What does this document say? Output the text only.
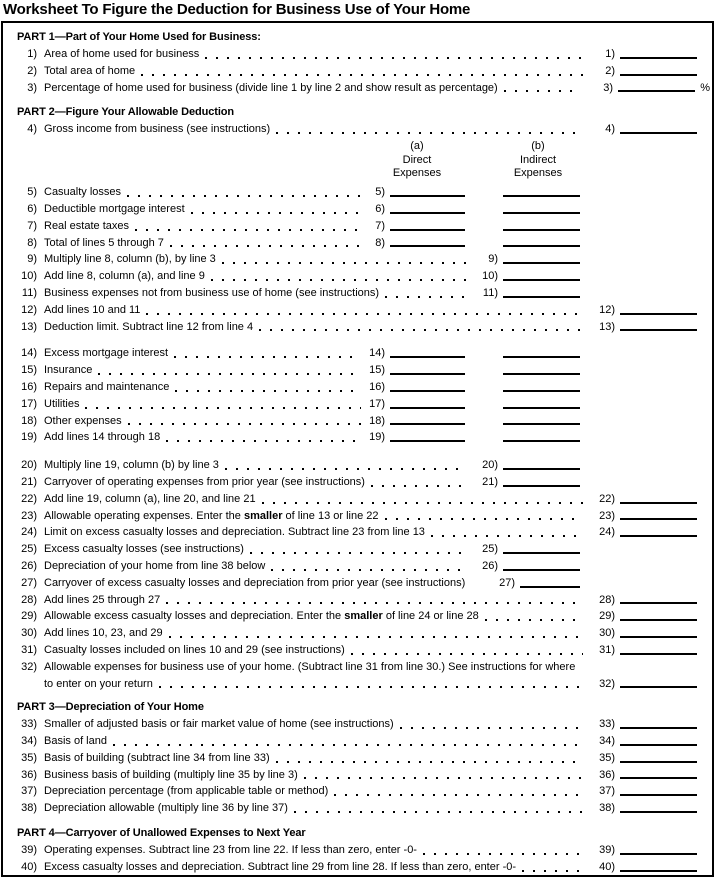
Worksheet To Figure the Deduction for Business Use of Your Home
PART 1—Part of Your Home Used for Business:
1) Area of home used for business	1)
2) Total area of home	2)
3) Percentage of home used for business (divide line 1 by line 2 and show result as percentage)	3)	%
PART 2—Figure Your Allowable Deduction
4) Gross income from business (see instructions)	4)
(a)
Direct
Expenses
(b)
Indirect
Expenses
5) Casualty losses	5)
6) Deductible mortgage interest	6)
7) Real estate taxes	7)
8) Total of lines 5 through 7	8)
9) Multiply line 8, column (b), by line 3	9)
10) Add line 8, column (a), and line 9	10)
11) Business expenses not from business use of home (see instructions)	11)
12) Add lines 10 and 11	12)
13) Deduction limit. Subtract line 12 from line 4	13)
14) Excess mortgage interest	14)
15) Insurance	15)
16) Repairs and maintenance	16)
17) Utilities	17)
18) Other expenses	18)
19) Add lines 14 through 18	19)
20) Multiply line 19, column (b) by line 3	20)
21) Carryover of operating expenses from prior year (see instructions)	21)
22) Add line 19, column (a), line 20, and line 21	22)
23) Allowable operating expenses. Enter the smaller of line 13 or line 22	23)
24) Limit on excess casualty losses and depreciation. Subtract line 23 from line 13	24)
25) Excess casualty losses (see instructions)	25)
26) Depreciation of your home from line 38 below	26)
27) Carryover of excess casualty losses and depreciation from prior year (see instructions)	27)
28) Add lines 25 through 27	28)
29) Allowable excess casualty losses and depreciation. Enter the smaller of line 24 or line 28	29)
30) Add lines 10, 23, and 29	30)
31) Casualty losses included on lines 10 and 29 (see instructions)	31)
32) Allowable expenses for business use of your home. (Subtract line 31 from line 30.) See instructions for where
to enter on your return	32)
PART 3—Depreciation of Your Home
33) Smaller of adjusted basis or fair market value of home (see instructions)	33)
34) Basis of land	34)
35) Basis of building (subtract line 34 from line 33)	35)
36) Business basis of building (multiply line 35 by line 3)	36)
37) Depreciation percentage (from applicable table or method)	37)
38) Depreciation allowable (multiply line 36 by line 37)	38)
PART 4—Carryover of Unallowed Expenses to Next Year
39) Operating expenses. Subtract line 23 from line 22. If less than zero, enter -0-	39)
40) Excess casualty losses and depreciation. Subtract line 29 from line 28. If less than zero, enter -0-	40)
